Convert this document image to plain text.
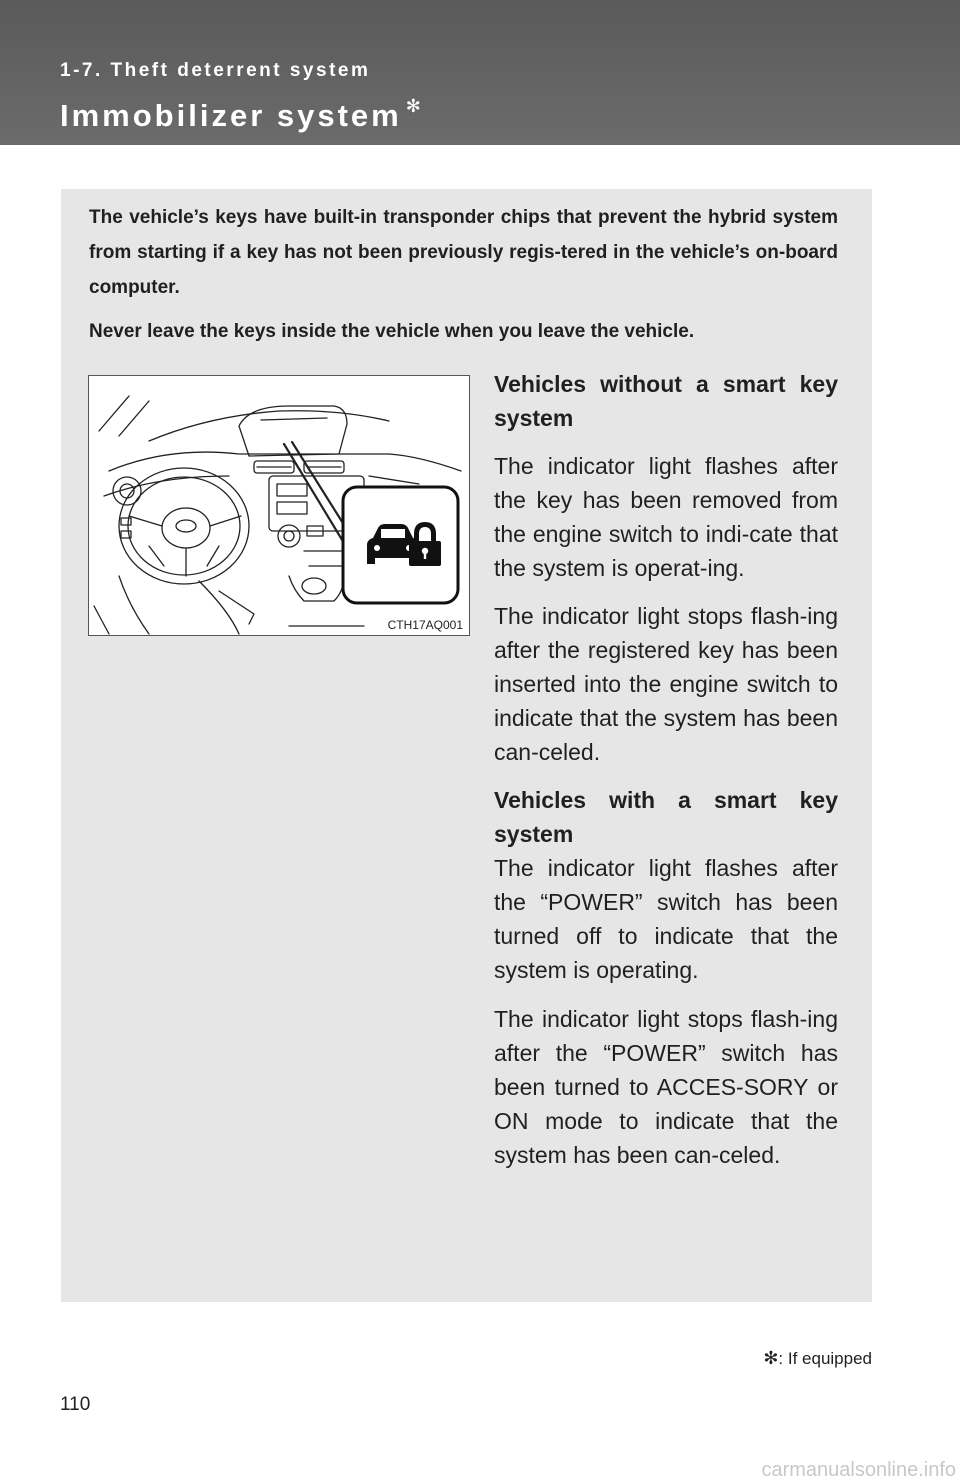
1-7. Theft deterrent system
Immobilizer system ✻

The vehicle’s keys have built-in transponder chips that prevent the hybrid system from starting if a key has not been previously regis-tered in the vehicle’s on-board computer.

Never leave the keys inside the vehicle when you leave the vehicle.

CTH17AQ001

Vehicles without a smart key system

The indicator light flashes after the key has been removed from the engine switch to indi-cate that the system is operat-ing.

The indicator light stops flash-ing after the registered key has been inserted into the engine switch to indicate that the system has been can-celed.

Vehicles with a smart key system

The indicator light flashes after the “POWER” switch has been turned off to indicate that the system is operating.

The indicator light stops flash-ing after the “POWER” switch has been turned to ACCES-SORY or ON mode to indicate that the system has been can-celed.

✻: If equipped
110
carmanualsonline.info
